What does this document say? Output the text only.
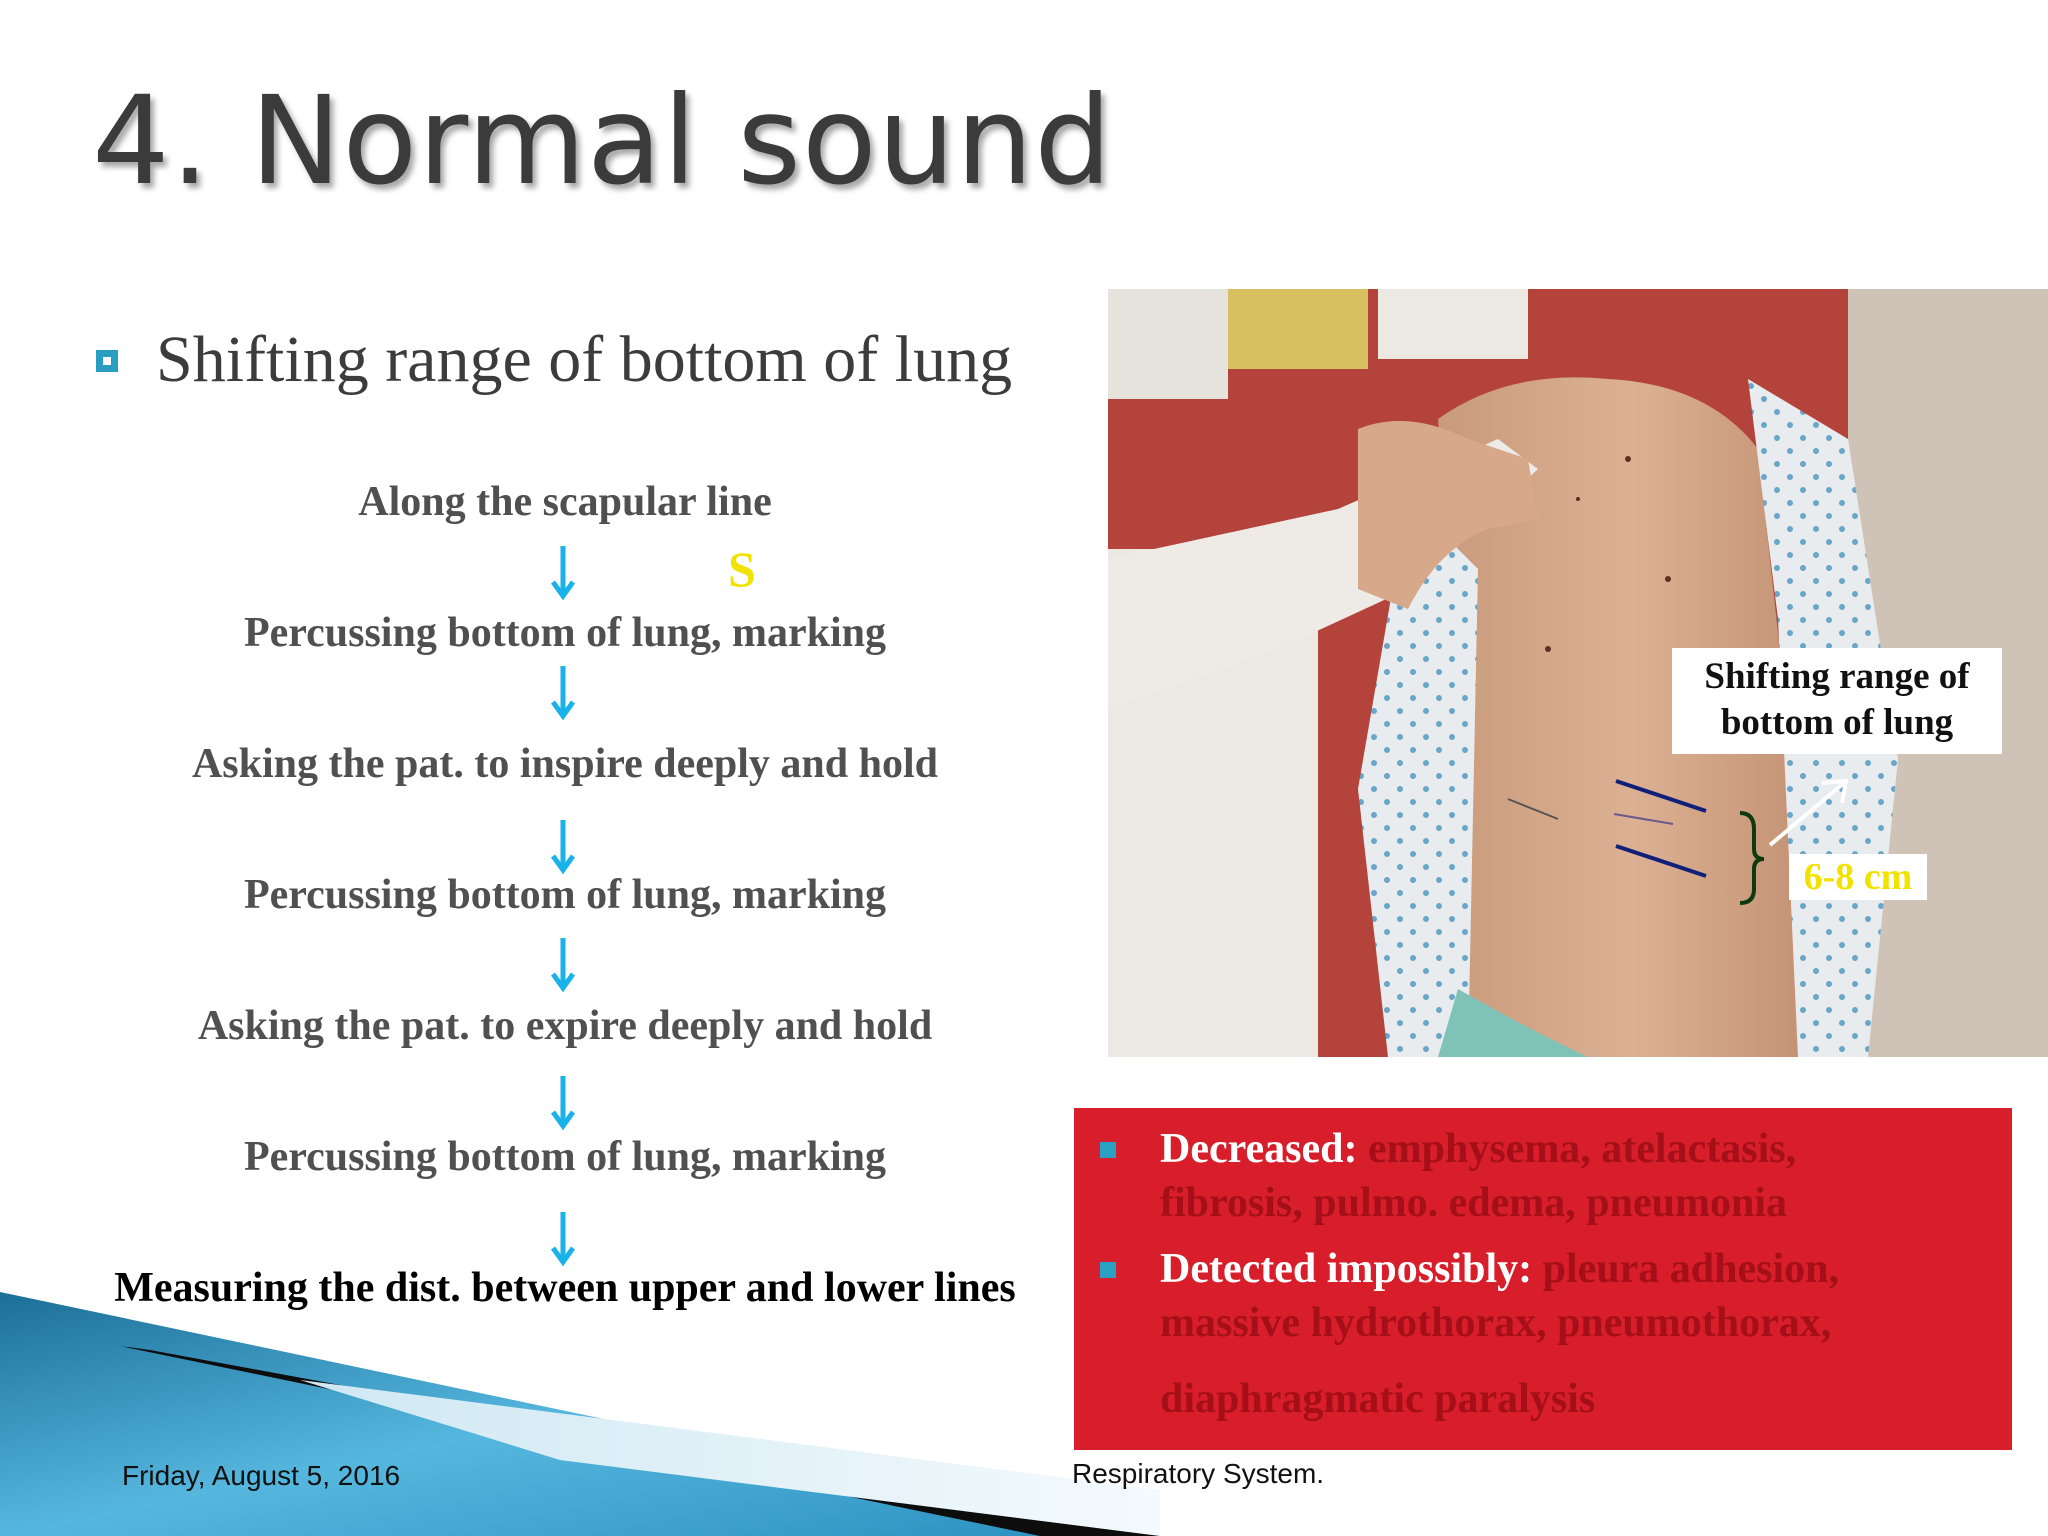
4. Normal sound
Shifting range of bottom of lung
Along the scapular line
Percussing bottom of lung, marking
Asking the pat. to inspire deeply and hold
Percussing bottom of lung, marking
Asking the pat. to expire deeply and hold
Percussing bottom of lung, marking
Measuring the dist. between upper and lower lines
S
Shifting range of
bottom of lung
6-8 cm
Decreased: emphysema, atelactasis,
fibrosis, pulmo. edema, pneumonia
Detected impossibly: pleura adhesion,
massive hydrothorax, pneumothorax,
diaphragmatic paralysis
Friday, August 5, 2016	Respiratory System.
